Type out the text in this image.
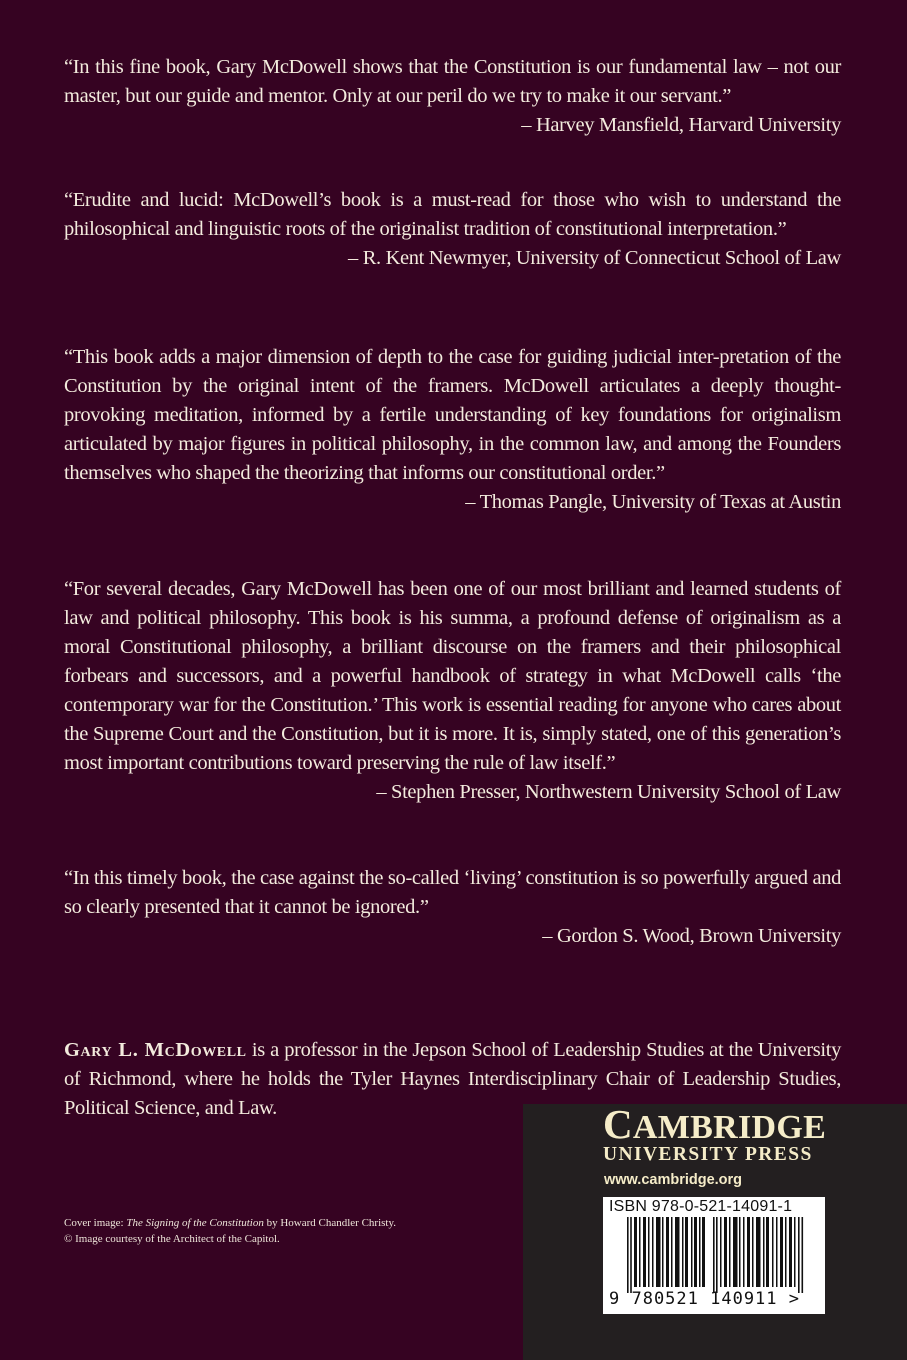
“In this fine book, Gary McDowell shows that the Constitution is our fundamental law – not our master, but our guide and mentor. Only at our peril do we try to make it our servant.”

– Harvey Mansfield, Harvard University

“Erudite and lucid: McDowell’s book is a must-read for those who wish to understand the philosophical and linguistic roots of the originalist tradition of constitutional interpretation.”

– R. Kent Newmyer, University of Connecticut School of Law

“This book adds a major dimension of depth to the case for guiding judicial inter-pretation of the Constitution by the original intent of the framers. McDowell articulates a deeply thought-provoking meditation, informed by a fertile understanding of key foundations for originalism articulated by major figures in political philosophy, in the common law, and among the Founders themselves who shaped the theorizing that informs our constitutional order.”

– Thomas Pangle, University of Texas at Austin

“For several decades, Gary McDowell has been one of our most brilliant and learned students of law and political philosophy. This book is his summa, a profound defense of originalism as a moral Constitutional philosophy, a brilliant discourse on the framers and their philosophical forbears and successors, and a powerful handbook of strategy in what McDowell calls ‘the contemporary war for the Constitution.’ This work is essential reading for anyone who cares about the Supreme Court and the Constitution, but it is more. It is, simply stated, one of this generation’s most important contributions toward preserving the rule of law itself.”

– Stephen Presser, Northwestern University School of Law

“In this timely book, the case against the so-called ‘living’ constitution is so powerfully argued and so clearly presented that it cannot be ignored.”

– Gordon S. Wood, Brown University

Gary L. McDowell is a professor in the Jepson School of Leadership Studies at the University of Richmond, where he holds the Tyler Haynes Interdisciplinary Chair of Leadership Studies, Political Science, and Law.

Cover image: The Signing of the Constitution by Howard Chandler Christy.
© Image courtesy of the Architect of the Capitol.
CAMBRIDGE
UNIVERSITY PRESS
www.cambridge.org
ISBN 978-0-521-14091-1
9 780521 140911 >
